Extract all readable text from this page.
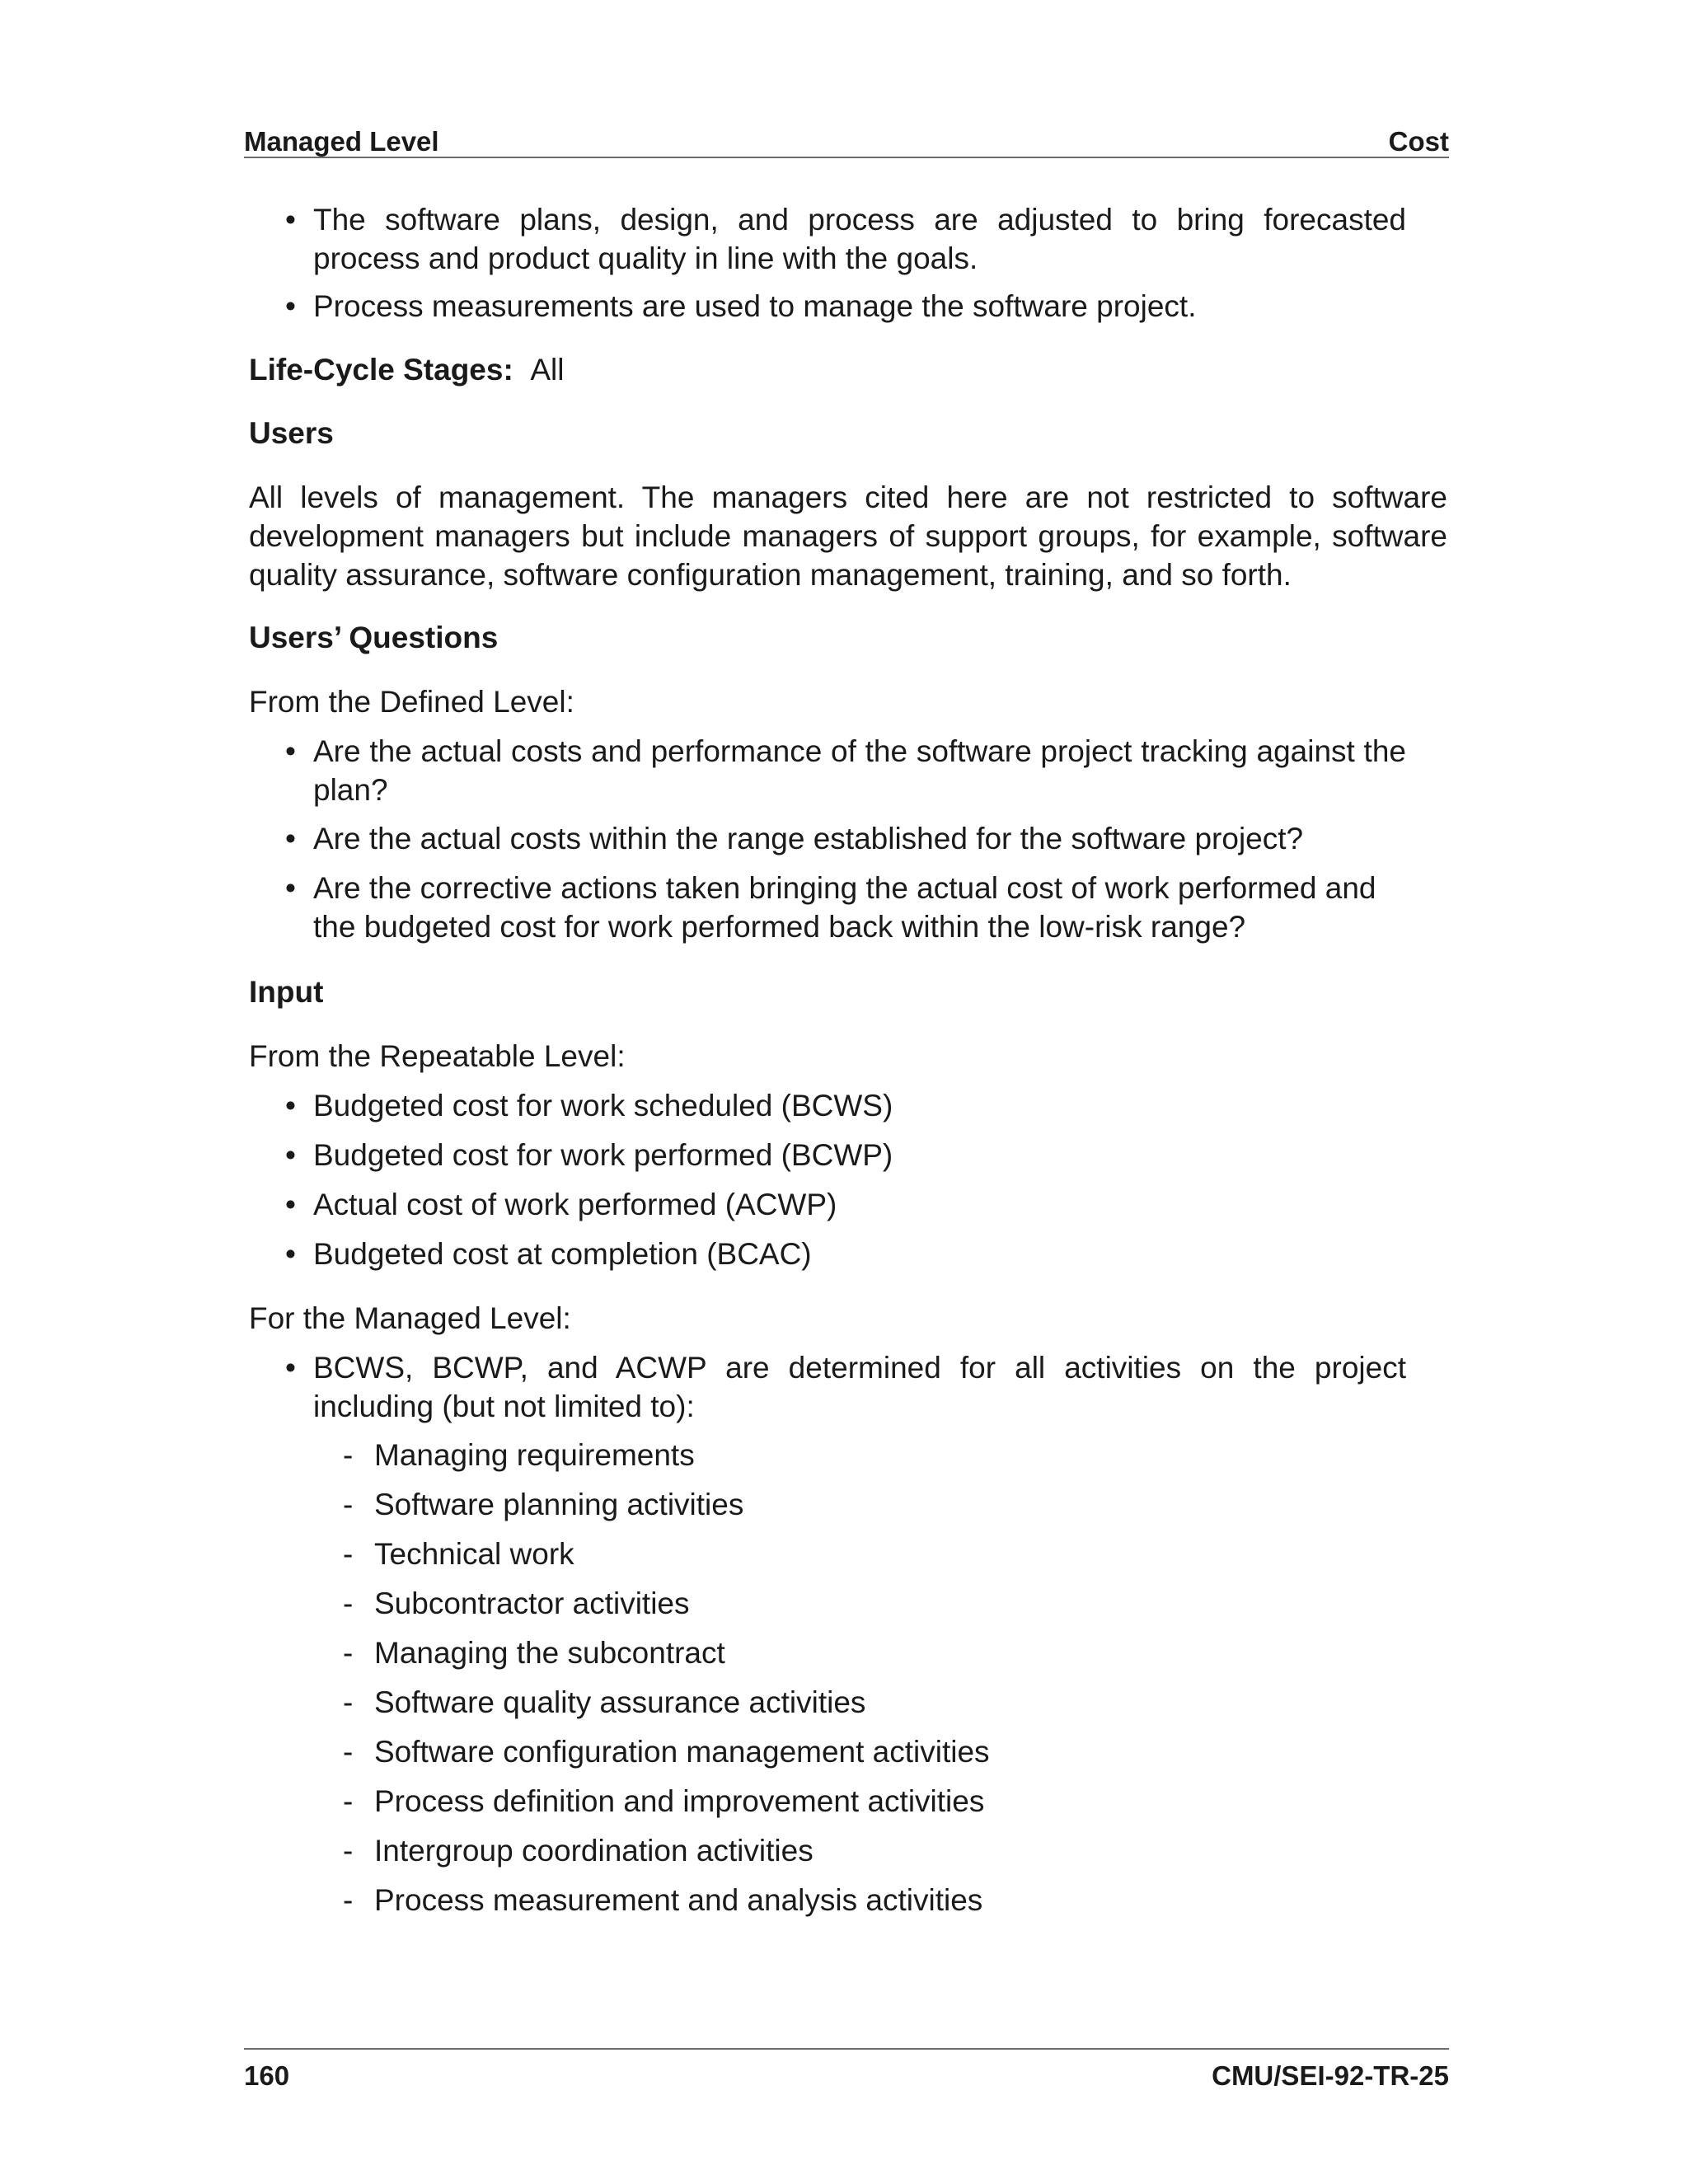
Managed Level	Cost
• The software plans, design, and process are adjusted to bring forecasted process and product quality in line with the goals.
• Process measurements are used to manage the software project.
Life-Cycle Stages: All
Users
All levels of management. The managers cited here are not restricted to software development managers but include managers of support groups, for example, software quality assurance, software configuration management, training, and so forth.
Users’ Questions
From the Defined Level:
• Are the actual costs and performance of the software project tracking against the plan?
• Are the actual costs within the range established for the software project?
• Are the corrective actions taken bringing the actual cost of work performed and the budgeted cost for work performed back within the low-risk range?
Input
From the Repeatable Level:
• Budgeted cost for work scheduled (BCWS)
• Budgeted cost for work performed (BCWP)
• Actual cost of work performed (ACWP)
• Budgeted cost at completion (BCAC)
For the Managed Level:
• BCWS, BCWP, and ACWP are determined for all activities on the project including (but not limited to):
- Managing requirements
- Software planning activities
- Technical work
- Subcontractor activities
- Managing the subcontract
- Software quality assurance activities
- Software configuration management activities
- Process definition and improvement activities
- Intergroup coordination activities
- Process measurement and analysis activities
160	CMU/SEI-92-TR-25
